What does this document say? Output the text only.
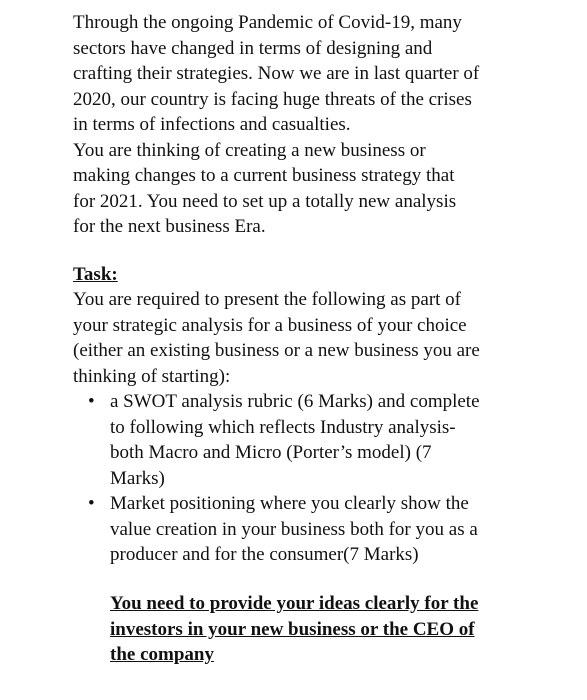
Through the ongoing Pandemic of Covid-19, many
sectors have changed in terms of designing and
crafting their strategies. Now we are in last quarter of
2020, our country is facing huge threats of the crises
in terms of infections and casualties.
You are thinking of creating a new business or
making changes to a current business strategy that
for 2021. You need to set up a totally new analysis
for the next business Era.
Task:
You are required to present the following as part of
your strategic analysis for a business of your choice
(either an existing business or a new business you are
thinking of starting):
• a SWOT analysis rubric (6 Marks) and complete
to following which reflects Industry analysis-
both Macro and Micro (Porter’s model) (7
Marks)
• Market positioning where you clearly show the
value creation in your business both for you as a
producer and for the consumer(7 Marks)
You need to provide your ideas clearly for the
investors in your new business or the CEO of
the company
